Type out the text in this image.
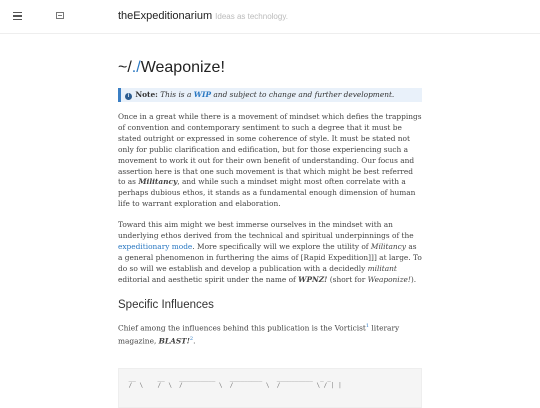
theExpeditionarium Ideas as technology.
~/./Weaponize!
i Note: This is a WIP and subject to change and further development.

Once in a great while there is a movement of mindset which defies the trappings of convention and contemporary sentiment to such a degree that it must be stated outright or expressed in some coherence of style. It must be stated not only for public clarification and edification, but for those experiencing such a movement to work it out for their own benefit of understanding. Our focus and assertion here is that one such movement is that which might be best referred to as Militancy, and while such a mindset might most often correlate with a perhaps dubious ethos, it stands as a fundamental enough dimension of human life to warrant exploration and elaboration.

Toward this aim might we best immerse ourselves in the mindset with an underlying ethos derived from the technical and spiritual underpinnings of the expeditionary mode. More specifically will we explore the utility of Militancy as a general phenomenon in furthering the aims of [Rapid Expedition]]] at large. To do so will we establish and develop a publication with a decidedly militant editorial and aesthetic spirit under the name of WPNZ! (short for Weaponize!).

Specific Influences

Chief among the influences behind this publication is the Vorticist$^1$ literary magazine, BLAST!$^2$.

__      __    __________    _________    __________  _ _
/  \    /  \  /          \  /         \  /          \ / | |
